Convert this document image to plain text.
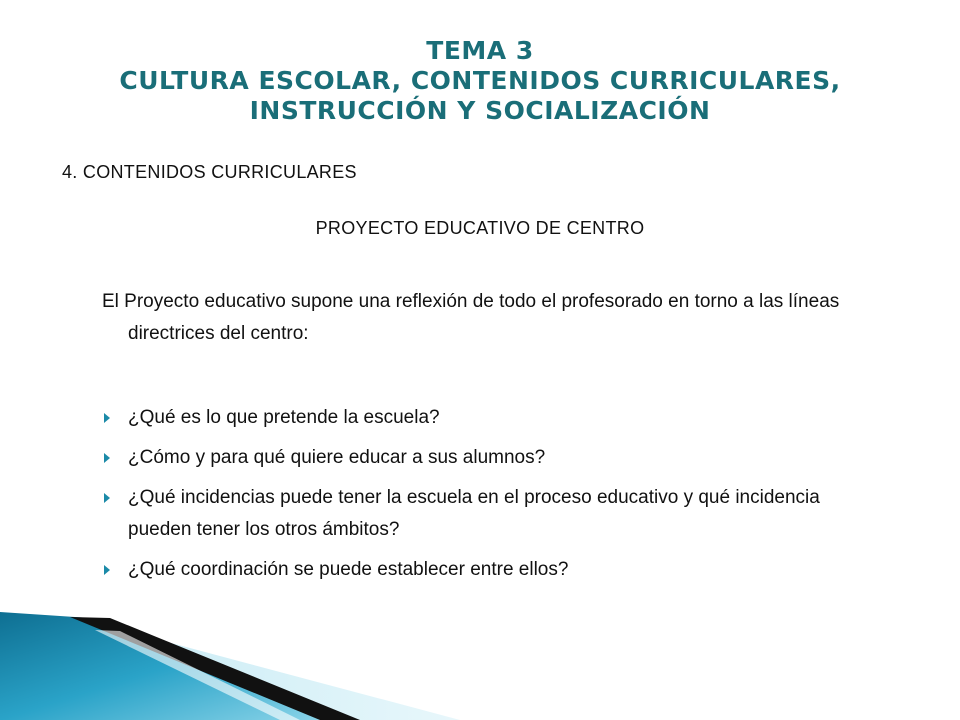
TEMA 3
CULTURA ESCOLAR, CONTENIDOS CURRICULARES,
INSTRUCCIÓN Y SOCIALIZACIÓN
4. CONTENIDOS CURRICULARES
PROYECTO EDUCATIVO DE CENTRO
El Proyecto educativo supone una reflexión de todo el profesorado en torno a las líneas directrices del centro:
¿Qué es lo que pretende la escuela?
¿Cómo y para qué quiere educar a sus alumnos?
¿Qué incidencias puede tener la escuela en el proceso educativo y qué incidencia pueden tener los otros ámbitos?
¿Qué coordinación se puede establecer entre ellos?
